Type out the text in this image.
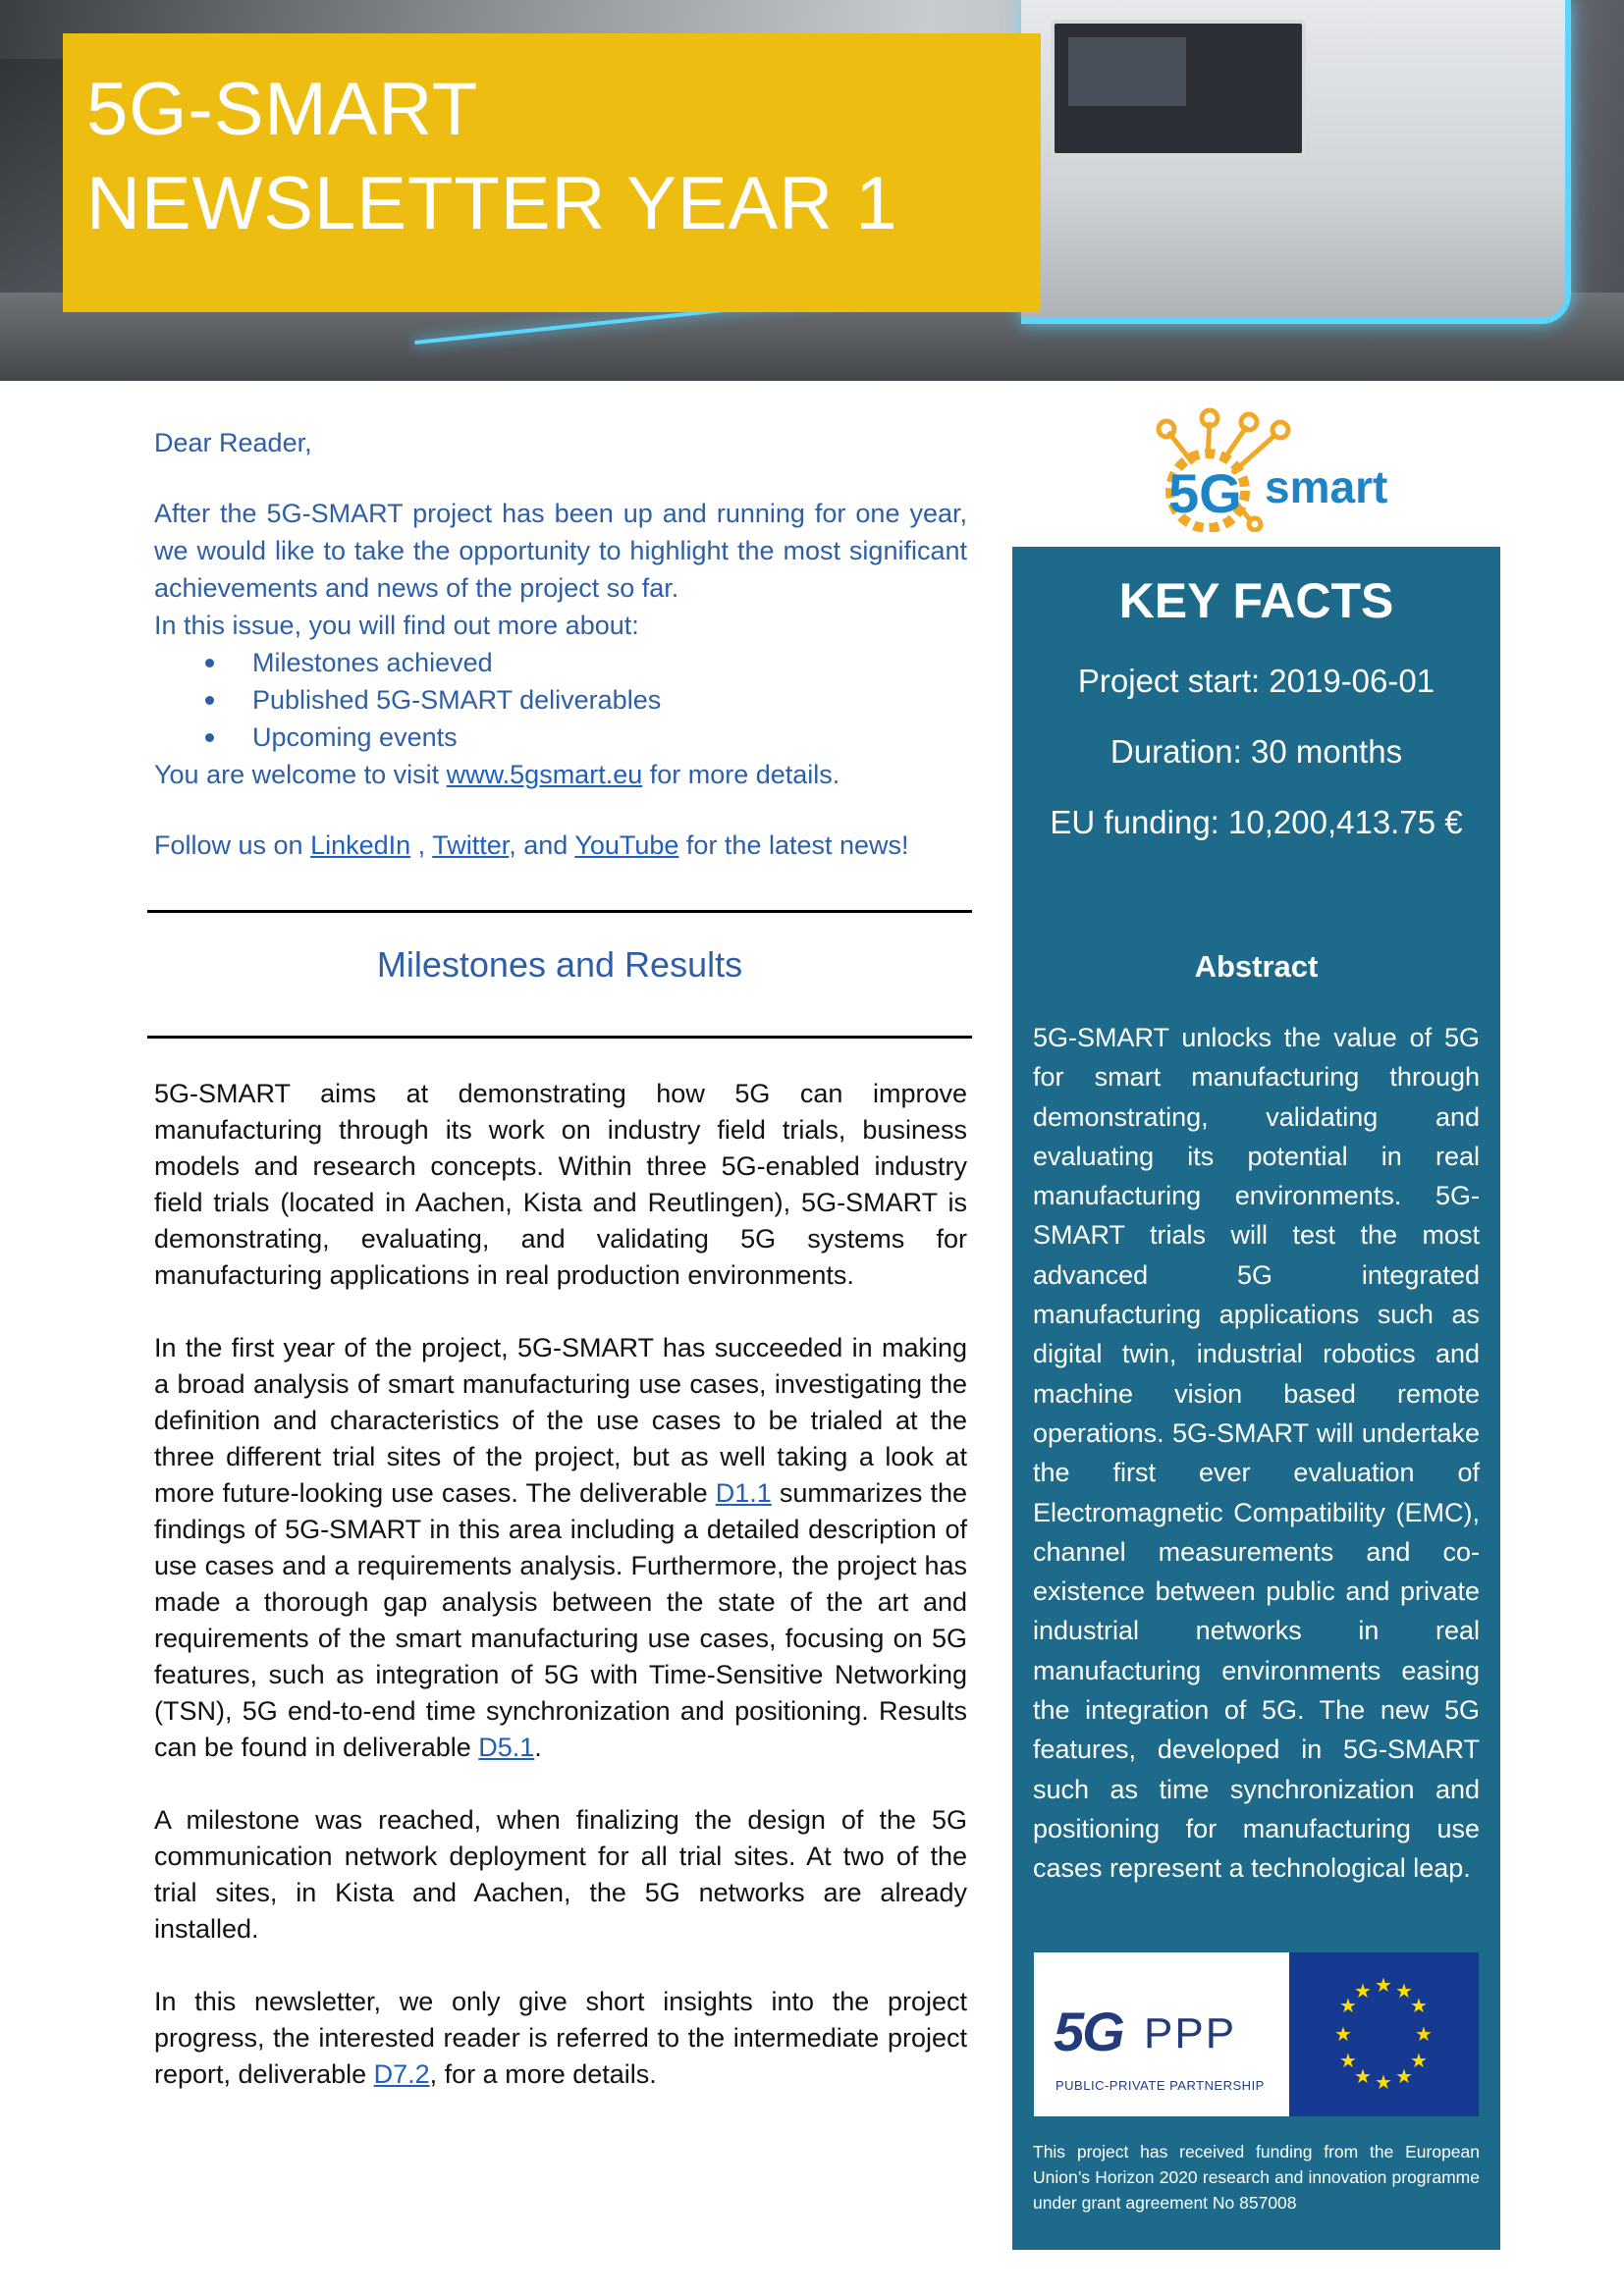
5G-SMART
NEWSLETTER YEAR 1

Dear Reader,

After the 5G-SMART project has been up and running for one year, we would like to take the opportunity to highlight the most significant achievements and news of the project so far.

In this issue, you will find out more about:

Milestones achieved
Published 5G-SMART deliverables
Upcoming events

You are welcome to visit www.5gsmart.eu for more details.

Follow us on LinkedIn , Twitter, and YouTube for the latest news!

Milestones and Results

5G-SMART aims at demonstrating how 5G can improve manufacturing through its work on industry field trials, business models and research concepts. Within three 5G-enabled industry field trials (located in Aachen, Kista and Reutlingen), 5G-SMART is demonstrating, evaluating, and validating 5G systems for manufacturing applications in real production environments.

In the first year of the project, 5G-SMART has succeeded in making a broad analysis of smart manufacturing use cases, investigating the definition and characteristics of the use cases to be trialed at the three different trial sites of the project, but as well taking a look at more future-looking use cases. The deliverable D1.1 summarizes the findings of 5G-SMART in this area including a detailed description of use cases and a requirements analysis. Furthermore, the project has made a thorough gap analysis between the state of the art and requirements of the smart manufacturing use cases, focusing on 5G features, such as integration of 5G with Time-Sensitive Networking (TSN), 5G end-to-end time synchronization and positioning. Results can be found in deliverable D5.1.

A milestone was reached, when finalizing the design of the 5G communication network deployment for all trial sites. At two of the trial sites, in Kista and Aachen, the 5G networks are already installed.

In this newsletter, we only give short insights into the project progress, the interested reader is referred to the intermediate project report, deliverable D7.2, for a more details.

5G smart
KEY FACTS
Project start: 2019-06-01
Duration: 30 months
EU funding: 10,200,413.75 €
Abstract
5G-SMART unlocks the value of 5G for smart manufacturing through demonstrating, validating and evaluating its potential in real manufacturing environments. 5G-SMART trials will test the most advanced 5G integrated manufacturing applications such as digital twin, industrial robotics and machine vision based remote operations. 5G-SMART will undertake the first ever evaluation of Electromagnetic Compatibility (EMC), channel measurements and co-existence between public and private industrial networks in real manufacturing environments easing the integration of 5G. The new 5G features, developed in 5G-SMART such as time synchronization and positioning for manufacturing use cases represent a technological leap.
5G PPP
PUBLIC-PRIVATE PARTNERSHIP
★ ★
★
★
★
★
★
★
★
★
★
★
This project has received funding from the European Union’s Horizon 2020 research and innovation programme under grant agreement No 857008
